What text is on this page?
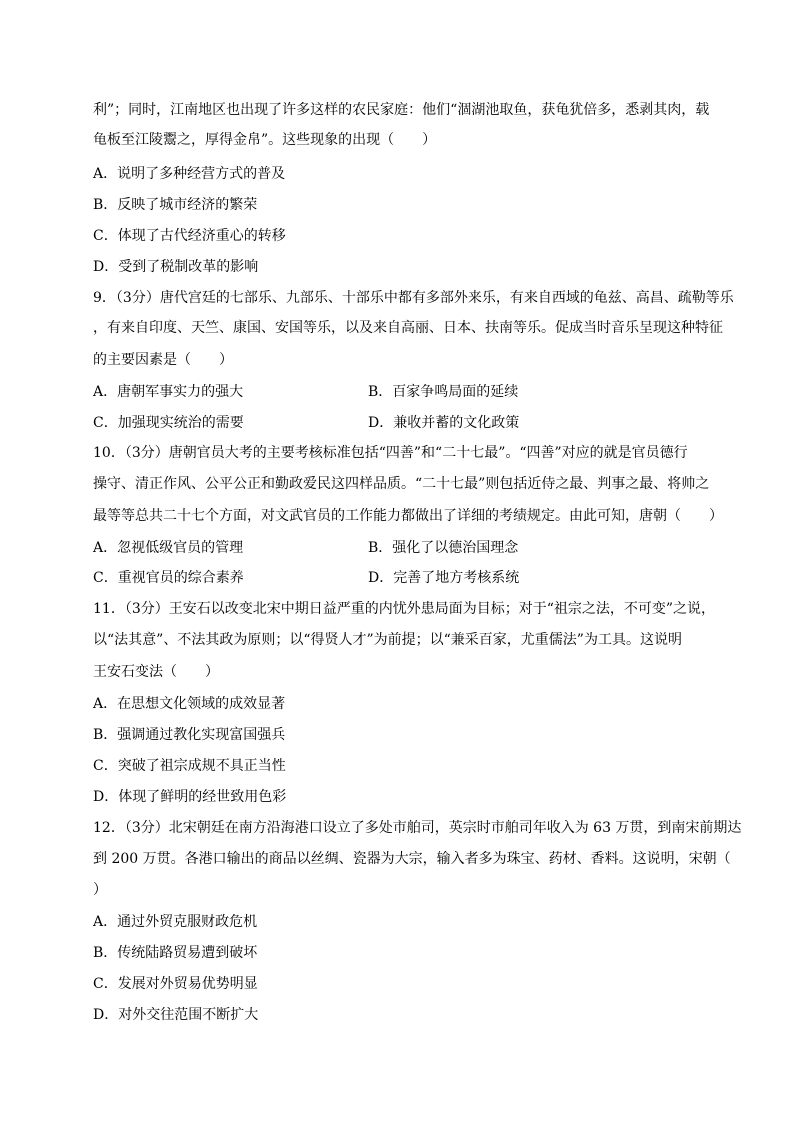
利”；同时，江南地区也出现了许多这样的农民家庭：他们“涸湖池取鱼，获龟犹倍多，悉剥其肉，载
龟板至江陵鬻之，厚得金帛”。这些现象的出现（　　）
A．说明了多种经营方式的普及
B．反映了城市经济的繁荣
C．体现了古代经济重心的转移
D．受到了税制改革的影响
9．（3分）唐代宫廷的七部乐、九部乐、十部乐中都有多部外来乐，有来自西域的龟兹、高昌、疏勒等乐
，有来自印度、天竺、康国、安国等乐，以及来自高丽、日本、扶南等乐。促成当时音乐呈现这种特征
的主要因素是（　　）
A．唐朝军事实力的强大	B．百家争鸣局面的延续
C．加强现实统治的需要	D．兼收并蓄的文化政策
10．（3分）唐朝官员大考的主要考核标准包括“四善”和“二十七最”。“四善”对应的就是官员德行
操守、清正作风、公平公正和勤政爱民这四样品质。“二十七最”则包括近侍之最、判事之最、将帅之
最等等总共二十七个方面，对文武官员的工作能力都做出了详细的考绩规定。由此可知，唐朝（　　）
A．忽视低级官员的管理	B．强化了以德治国理念
C．重视官员的综合素养	D．完善了地方考核系统
11．（3分）王安石以改变北宋中期日益严重的内忧外患局面为目标；对于“祖宗之法，不可变”之说，
以“法其意”、不法其政为原则；以“得贤人才”为前提；以“兼采百家，尤重儒法”为工具。这说明
王安石变法（　　）
A．在思想文化领域的成效显著
B．强调通过教化实现富国强兵
C．突破了祖宗成规不具正当性
D．体现了鲜明的经世致用色彩
12．（3分）北宋朝廷在南方沿海港口设立了多处市舶司，英宗时市舶司年收入为 63 万贯，到南宋前期达
到 200 万贯。各港口输出的商品以丝绸、瓷器为大宗，输入者多为珠宝、药材、香料。这说明，宋朝（
）
A．通过外贸克服财政危机
B．传统陆路贸易遭到破坏
C．发展对外贸易优势明显
D．对外交往范围不断扩大
